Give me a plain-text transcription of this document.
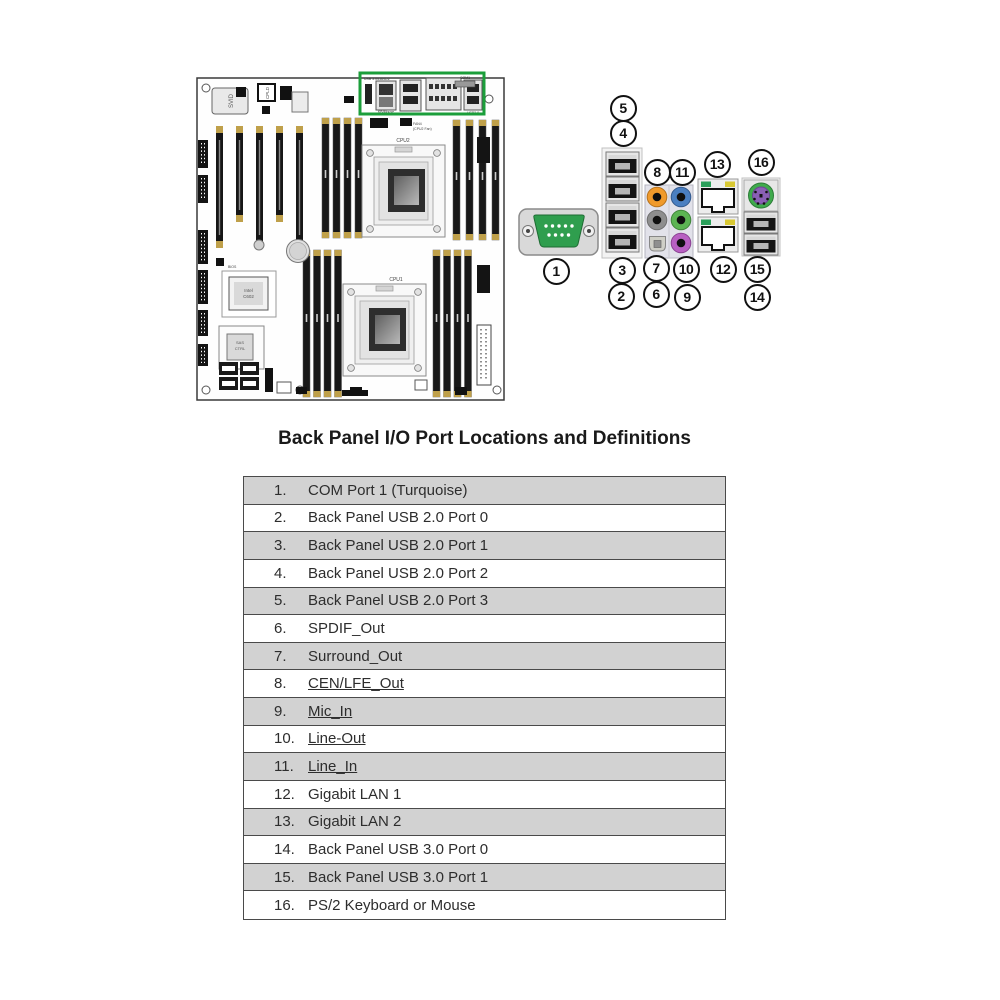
SVID
CPLD
USB 3.0/LAN1/2
KB/Mouse	7.1 Audio	USB2.0
COM1
FAN4
(CPU2 Fan)
CPU2
CPU1
BIOS
Intel
C602
SAS
CTRL
1
2
3
4
5
6
7
8
9
10
11
12
13
14
15
16
Back Panel I/O Port Locations and Definitions
1.	COM Port 1 (Turquoise)
2.	Back Panel USB 2.0 Port 0
3.	Back Panel USB 2.0 Port 1
4.	Back Panel USB 2.0 Port 2
5.	Back Panel USB 2.0 Port 3
6.	SPDIF_Out
7.	Surround_Out
8.	CEN/LFE_Out
9.	Mic_In
10. Line-Out
11. Line_In
12. Gigabit LAN 1
13. Gigabit LAN 2
14. Back Panel USB 3.0 Port 0
15. Back Panel USB 3.0 Port 1
16. PS/2 Keyboard or Mouse
